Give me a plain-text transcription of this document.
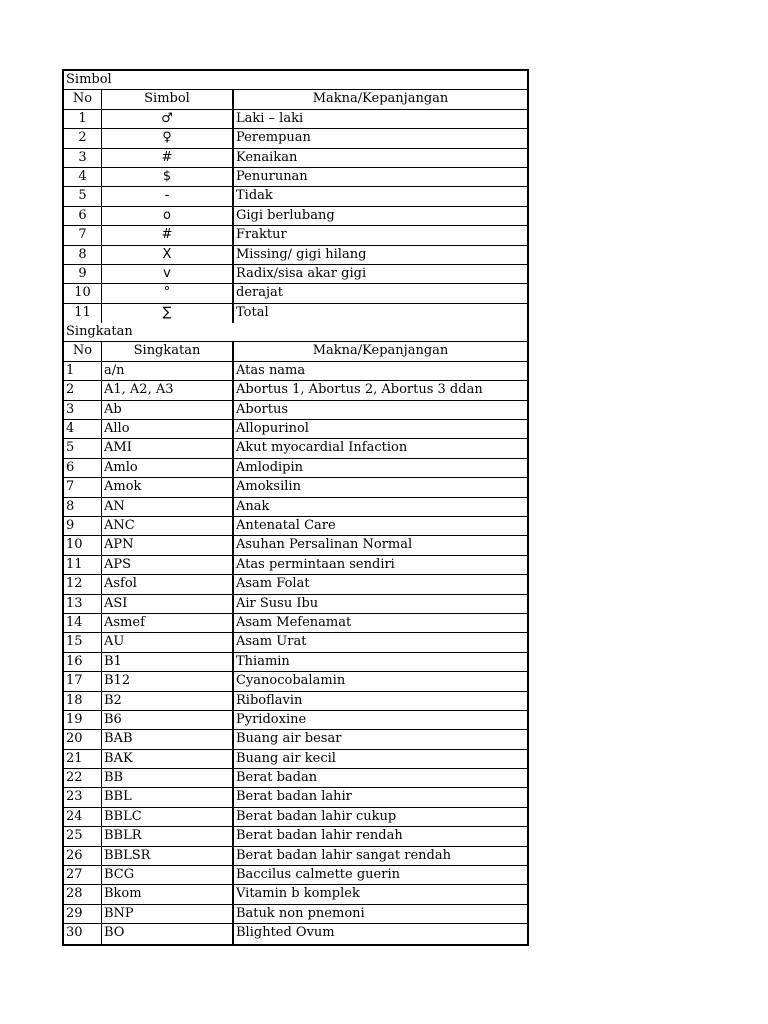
Simbol
No	Simbol	Makna/Kepanjangan
1	♂	Laki – laki
2	♀	Perempuan
3	#	Kenaikan
4	$	Penurunan
5	-	Tidak
6	o	Gigi berlubang
7	#	Fraktur
8	X	Missing/ gigi hilang
9	v	Radix/sisa akar gigi
10	°	derajat
11	∑	Total
Singkatan
No	Singkatan	Makna/Kepanjangan
1	a/n	Atas nama
2	A1, A2, A3	Abortus 1, Abortus 2, Abortus 3 ddan
3	Ab	Abortus
4	Allo	Allopurinol
5	AMI	Akut myocardial Infaction
6	Amlo	Amlodipin
7	Amok	Amoksilin
8	AN	Anak
9	ANC	Antenatal Care
10	APN	Asuhan Persalinan Normal
11	APS	Atas permintaan sendiri
12	Asfol	Asam Folat
13	ASI	Air Susu Ibu
14	Asmef	Asam Mefenamat
15	AU	Asam Urat
16	B1	Thiamin
17	B12	Cyanocobalamin
18	B2	Riboflavin
19	B6	Pyridoxine
20	BAB	Buang air besar
21	BAK	Buang air kecil
22	BB	Berat badan
23	BBL	Berat badan lahir
24	BBLC	Berat badan lahir cukup
25	BBLR	Berat badan lahir rendah
26	BBLSR	Berat badan lahir sangat rendah
27	BCG	Baccilus calmette guerin
28	Bkom	Vitamin b komplek
29	BNP	Batuk non pnemoni
30	BO	Blighted Ovum
